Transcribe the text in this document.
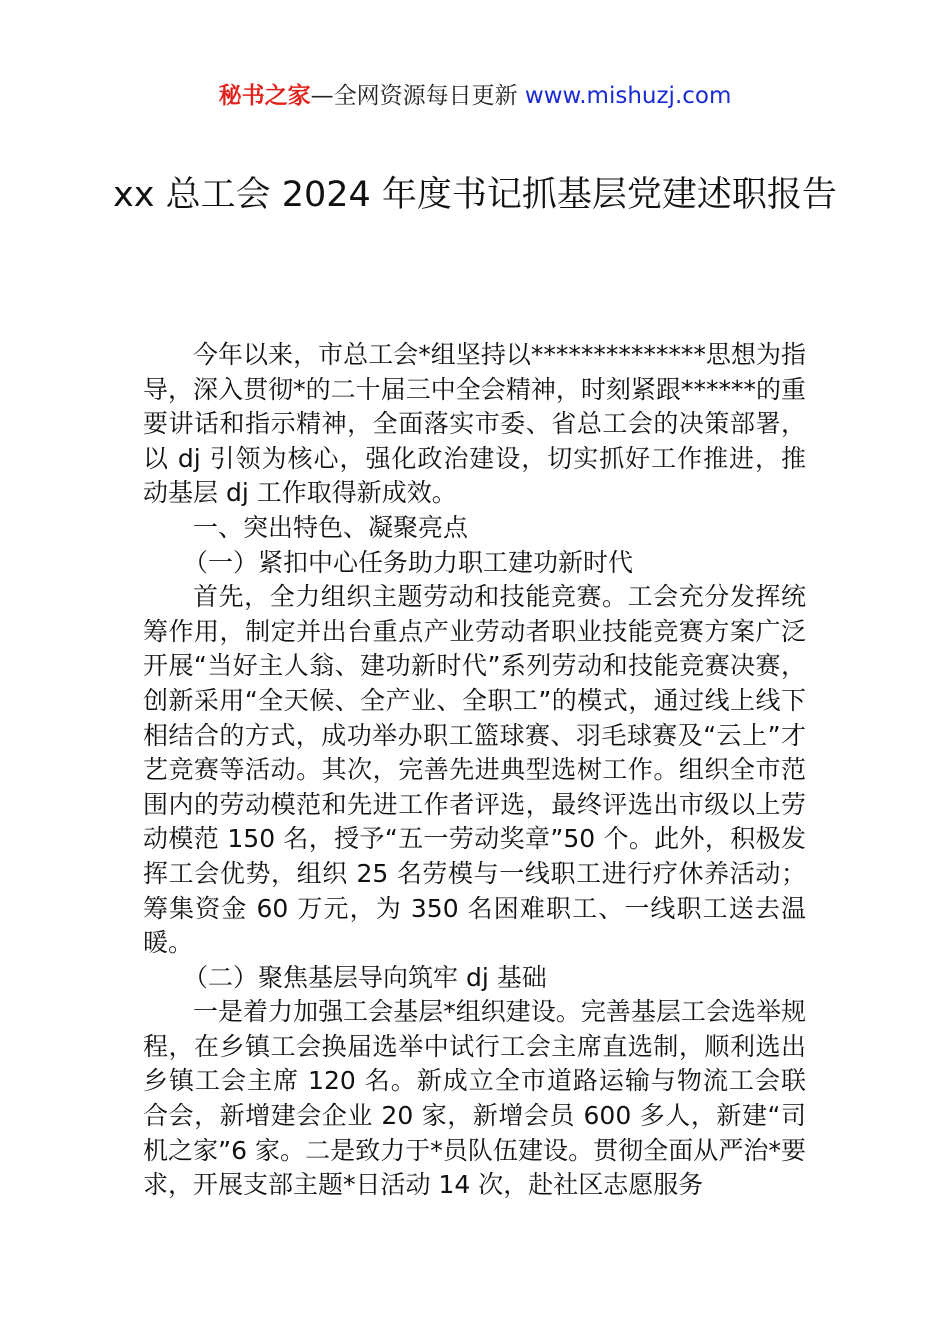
秘书之家—全网资源每日更新 www.mishuzj.com
xx 总工会 2024 年度书记抓基层党建述职报告

今年以来，市总工会*组坚持以**************思想为指导，深入贯彻*的二十届三中全会精神，时刻紧跟******的重要讲话和指示精神，全面落实市委、省总工会的决策部署，以 dj 引领为核心，强化政治建设，切实抓好工作推进，推动基层 dj 工作取得新成效。

一、突出特色、凝聚亮点

（一）紧扣中心任务助力职工建功新时代

首先，全力组织主题劳动和技能竞赛。工会充分发挥统筹作用，制定并出台重点产业劳动者职业技能竞赛方案广泛开展“当好主人翁、建功新时代”系列劳动和技能竞赛决赛，创新采用“全天候、全产业、全职工”的模式，通过线上线下相结合的方式，成功举办职工篮球赛、羽毛球赛及“云上”才艺竞赛等活动。其次，完善先进典型选树工作。组织全市范围内的劳动模范和先进工作者评选，最终评选出市级以上劳动模范 150 名，授予“五一劳动奖章”50 个。此外，积极发挥工会优势，组织 25 名劳模与一线职工进行疗休养活动；筹集资金 60 万元，为 350 名困难职工、一线职工送去温暖。

（二）聚焦基层导向筑牢 dj 基础

一是着力加强工会基层*组织建设。完善基层工会选举规程，在乡镇工会换届选举中试行工会主席直选制，顺利选出乡镇工会主席 120 名。新成立全市道路运输与物流工会联合会，新增建会企业 20 家，新增会员 600 多人，新建“司机之家”6 家。二是致力于*员队伍建设。贯彻全面从严治*要求，开展支部主题*日活动 14 次，赴社区志愿服务
